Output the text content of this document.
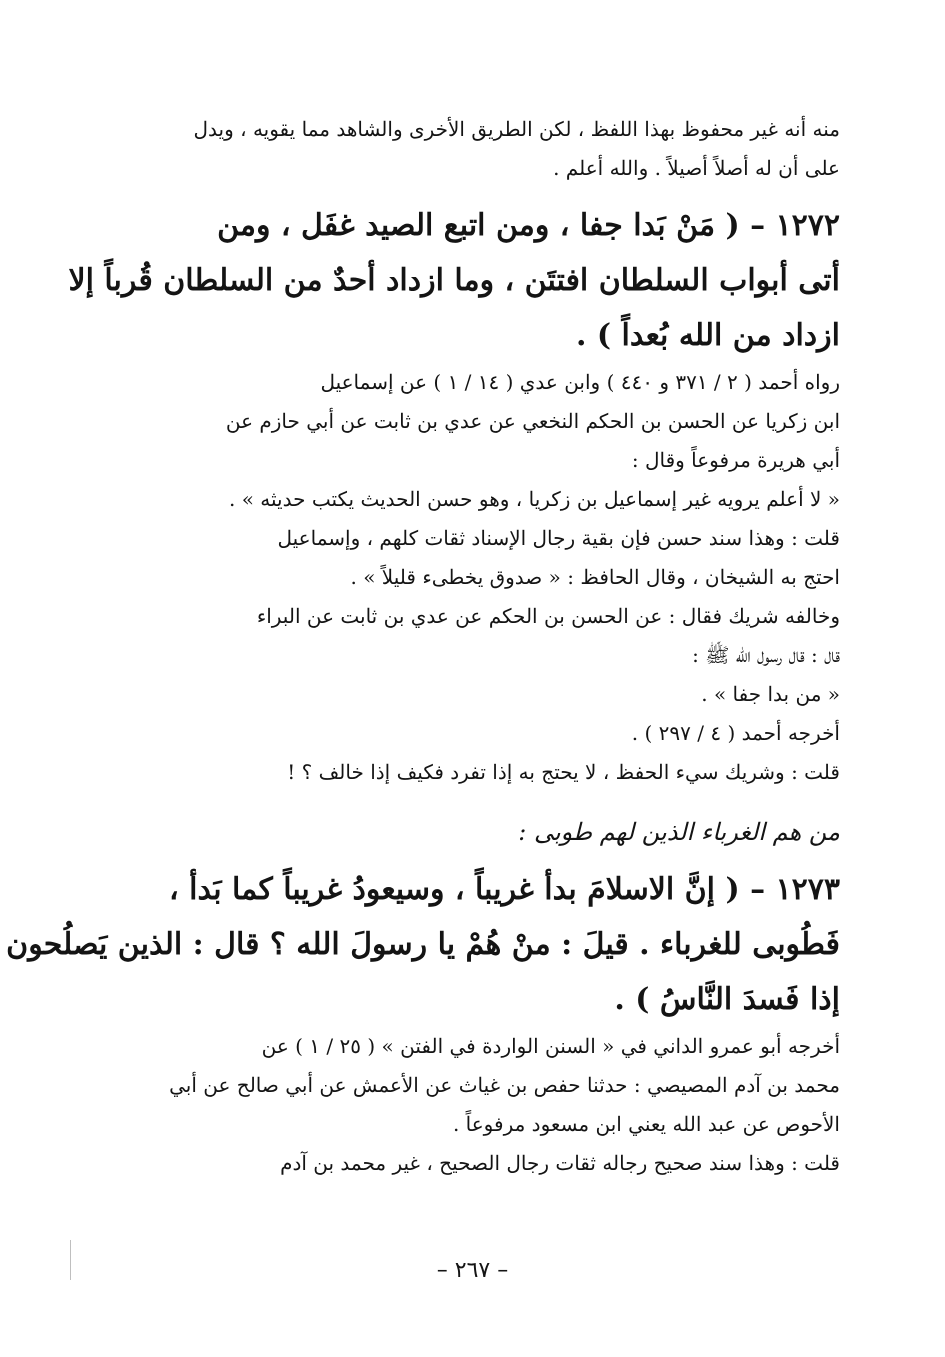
منه أنه غير محفوظ بهذا اللفظ ، لكن الطريق الأخرى والشاهد مما يقويه ، ويدل
على أن له أصلاً أصيلاً . والله أعلم .
١٢٧٢ – ( مَنْ بَدا جفا ، ومن اتبع الصيد غفَل ، ومن
أتى أبواب السلطان افتتَن ، وما ازداد أحدٌ من السلطان قُرباً إلا
ازداد من الله بُعداً ) .
رواه أحمد ( ٢ / ٣٧١ و ٤٤٠ ) وابن عدي ( ١٤ / ١ ) عن إسماعيل
ابن زكريا عن الحسن بن الحكم النخعي عن عدي بن ثابت عن أبي حازم عن
أبي هريرة مرفوعاً وقال :
« لا أعلم يرويه غير إسماعيل بن زكريا ، وهو حسن الحديث يكتب حديثه » .
قلت : وهذا سند حسن فإن بقية رجال الإسناد ثقات كلهم ، وإسماعيل
احتج به الشيخان ، وقال الحافظ : « صدوق يخطىء قليلاً » .
وخالفه شريك فقال : عن الحسن بن الحكم عن عدي بن ثابت عن البراء
قال : قال رسول الله ﷺ :
« من بدا جفا » .
أخرجه أحمد ( ٤ / ٢٩٧ ) .
قلت : وشريك سيء الحفظ ، لا يحتج به إذا تفرد فكيف إذا خالف ؟ !
من هم الغرباء الذين لهم طوبى :
١٢٧٣ – ( إنَّ الاسلامَ بدأ غريباً ، وسيعودُ غريباً كما بَدأ ،
فَطُوبى للغرباء . قيلَ : منْ هُمْ يا رسولَ الله ؟ قال : الذين يَصلُحون
إذا فَسدَ النَّاسُ ) .
أخرجه أبو عمرو الداني في « السنن الواردة في الفتن » ( ٢٥ / ١ ) عن
محمد بن آدم المصيصي : حدثنا حفص بن غياث عن الأعمش عن أبي صالح عن أبي
الأحوص عن عبد الله يعني ابن مسعود مرفوعاً .
قلت : وهذا سند صحيح رجاله ثقات رجال الصحيح ، غير محمد بن آدم
– ٢٦٧ –
